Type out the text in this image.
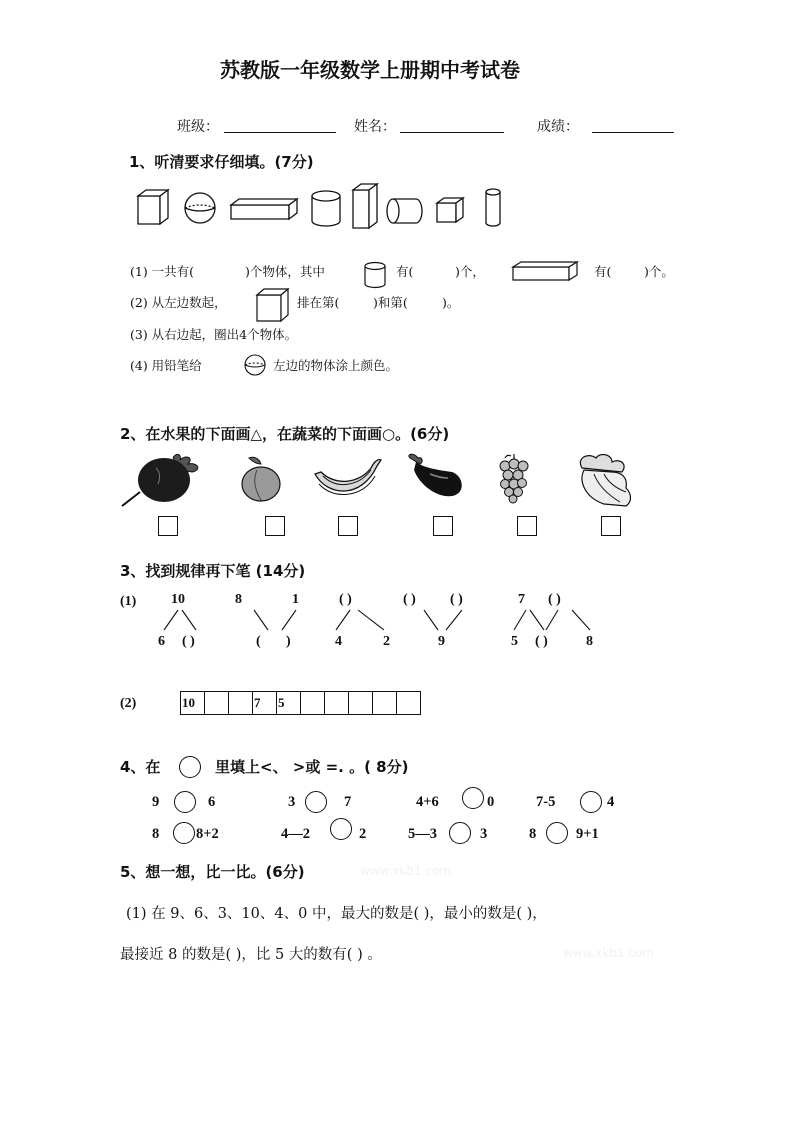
苏教版一年级数学上册期中考试卷
班级：	姓名：	成绩：
1、听清要求仔细填。(7分)
(1) 一共有(	)个物体，其中	有(	)个，	有(	)个。
(2) 从左边数起，	排在第(	)和第(	)。
(3) 从右边起，圈出4个物体。
(4) 用铅笔给	左边的物体涂上颜色。
2、在水果的下面画△，在蔬菜的下面画○。(6分)
3、找到规律再下笔 (14分)
(1) 10
6 ( )
8	1
( )
( )
4	2
( ) ( )
9
7 ( )
5 ( )	8
(2)	10	7	5
4、在	里填上<、 >或 =. 。( 8分)
9	6	3	7	4+6	0	7-5	4
8	8+2	4—2	2	5—3	3	8	9+1
5、想一想，比一比。(6分)	www.xkb1.com
(1) 在 9、6、3、10、4、0 中，最大的数是( )，最小的数是( )，
最接近 8 的数是( )，比 5 大的数有( ) 。	www.xkb1.com
